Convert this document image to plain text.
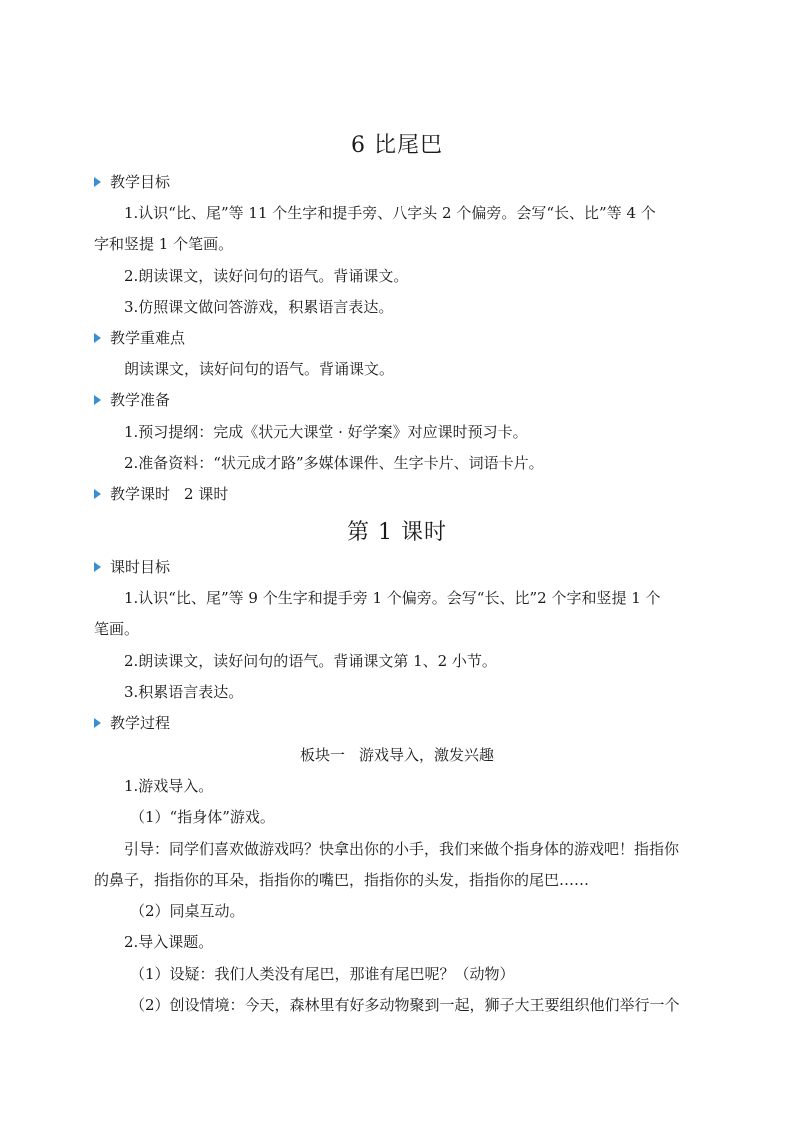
6 比尾巴
教学目标
1.认识“比、尾”等 11 个生字和提手旁、八字头 2 个偏旁。会写“长、比”等 4 个
字和竖提 1 个笔画。
2.朗读课文，读好问句的语气。背诵课文。
3.仿照课文做问答游戏，积累语言表达。
教学重难点
朗读课文，读好问句的语气。背诵课文。
教学准备
1.预习提纲：完成《状元大课堂 · 好学案》对应课时预习卡。
2.准备资料：“状元成才路”多媒体课件、生字卡片、词语卡片。
教学课时 2 课时
第 1 课时
课时目标
1.认识“比、尾”等 9 个生字和提手旁 1 个偏旁。会写“长、比”2 个字和竖提 1 个
笔画。
2.朗读课文，读好问句的语气。背诵课文第 1、2 小节。
3.积累语言表达。
教学过程
板块一 游戏导入，激发兴趣
1.游戏导入。
（1）“指身体”游戏。
引导：同学们喜欢做游戏吗？快拿出你的小手，我们来做个指身体的游戏吧！指指你
的鼻子，指指你的耳朵，指指你的嘴巴，指指你的头发，指指你的尾巴……
（2）同桌互动。
2.导入课题。
（1）设疑：我们人类没有尾巴，那谁有尾巴呢？（动物）
（2）创设情境：今天，森林里有好多动物聚到一起，狮子大王要组织他们举行一个
